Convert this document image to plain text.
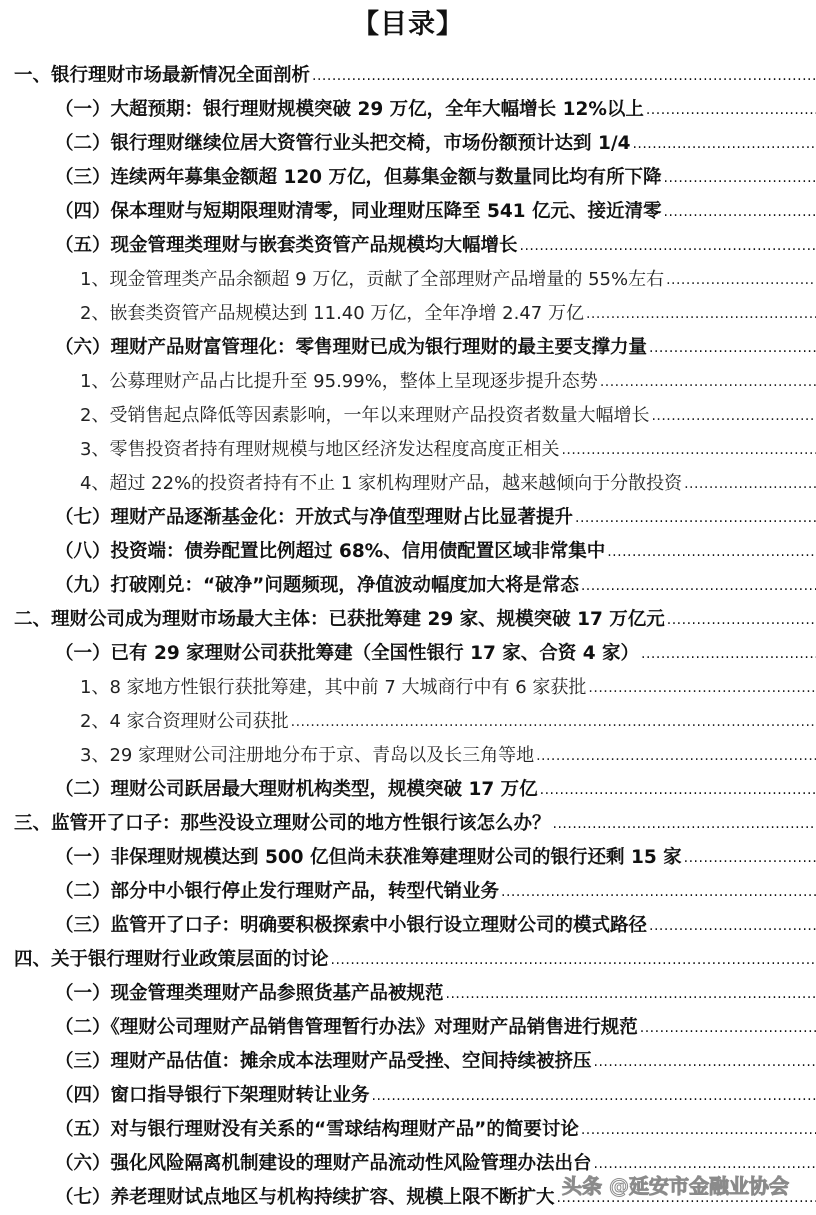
【目录】
一、银行理财市场最新情况全面剖析
.....
（一）大超预期：银行理财规模突破 29 万亿，全年大幅增长 12%以上
.....
（二）银行理财继续位居大资管行业头把交椅，市场份额预计达到 1/4
.....
（三）连续两年募集金额超 120 万亿，但募集金额与数量同比均有所下降
.....
（四）保本理财与短期限理财清零，同业理财压降至 541 亿元、接近清零
.....
（五）现金管理类理财与嵌套类资管产品规模均大幅增长
.....
1、现金管理类产品余额超 9 万亿，贡献了全部理财产品增量的 55%左右
.....
2、嵌套类资管产品规模达到 11.40 万亿，全年净增 2.47 万亿
.....
（六）理财产品财富管理化：零售理财已成为银行理财的最主要支撑力量
.....
1、公募理财产品占比提升至 95.99%，整体上呈现逐步提升态势
.....
2、受销售起点降低等因素影响，一年以来理财产品投资者数量大幅增长
.....
3、零售投资者持有理财规模与地区经济发达程度高度正相关
.....
4、超过 22%的投资者持有不止 1 家机构理财产品，越来越倾向于分散投资
.....
（七）理财产品逐渐基金化：开放式与净值型理财占比显著提升
.....
（八）投资端：债券配置比例超过 68%、信用债配置区域非常集中
.....
（九）打破刚兑：“破净”问题频现，净值波动幅度加大将是常态
.....
二、理财公司成为理财市场最大主体：已获批筹建 29 家、规模突破 17 万亿元
.....
（一）已有 29 家理财公司获批筹建（全国性银行 17 家、合资 4 家）
.....
1、8 家地方性银行获批筹建，其中前 7 大城商行中有 6 家获批
.....
2、4 家合资理财公司获批
.....
3、29 家理财公司注册地分布于京、青岛以及长三角等地
.....
（二）理财公司跃居最大理财机构类型，规模突破 17 万亿
.....
三、监管开了口子：那些没设立理财公司的地方性银行该怎么办？
.....
（一）非保理财规模达到 500 亿但尚未获准筹建理财公司的银行还剩 15 家
.....
（二）部分中小银行停止发行理财产品，转型代销业务
.....
（三）监管开了口子：明确要积极探索中小银行设立理财公司的模式路径
.....
四、关于银行理财行业政策层面的讨论
.....
（一）现金管理类理财产品参照货基产品被规范
.....
（二）《理财公司理财产品销售管理暂行办法》对理财产品销售进行规范
.....
（三）理财产品估值：摊余成本法理财产品受挫、空间持续被挤压
.....
（四）窗口指导银行下架理财转让业务
.....
（五）对与银行理财没有关系的“雪球结构理财产品”的简要讨论
.....
（六）强化风险隔离机制建设的理财产品流动性风险管理办法出台
.....
（七）养老理财试点地区与机构持续扩容、规模上限不断扩大 ..... 头条 @延安市金融业协会
